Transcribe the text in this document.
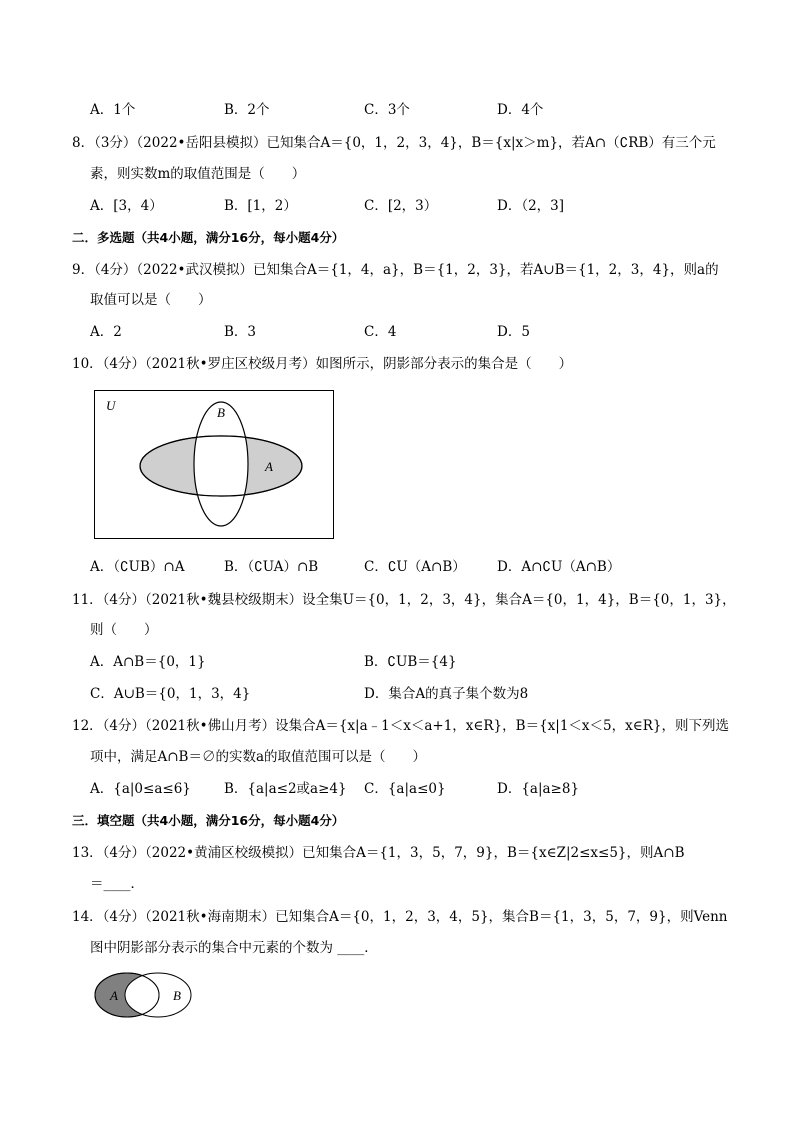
A．1个	B．2个	C．3个	D．4个
8．（3分）（2022•岳阳县模拟）已知集合A＝{0，1，2，3，4}，B＝{x|x＞m}，若A∩（∁RB）有三个元
素，则实数m的取值范围是（　　）
A．[3，4）	B．[1，2）	C．[2，3）	D．（2，3]
二．多选题（共4小题，满分16分，每小题4分）
9．（4分）（2022•武汉模拟）已知集合A＝{1，4，a}，B＝{1，2，3}，若A∪B＝{1，2，3，4}，则a的
取值可以是（　　）
A．2	B．3	C．4	D．5
10．（4分）（2021秋•罗庄区校级月考）如图所示，阴影部分表示的集合是（　　）
U	B
A
A．（∁UB）∩A	B．（∁UA）∩B	C．∁U（A∩B） D．A∩∁U（A∩B）
11．（4分）（2021秋•魏县校级期末）设全集U＝{0，1，2，3，4}，集合A＝{0，1，4}，B＝{0，1，3}，
则（　　）
A．A∩B＝{0，1}	B．∁UB＝{4}
C．A∪B＝{0，1，3，4}	D．集合A的真子集个数为8
12．（4分）（2021秋•佛山月考）设集合A＝{x|a﹣1＜x＜a+1，x∈R}，B＝{x|1＜x＜5，x∈R}，则下列选
项中，满足A∩B＝∅的实数a的取值范围可以是（　　）
A．{a|0≤a≤6} B．{a|a≤2或a≥4} C．{a|a≤0}	D．{a|a≥8}
三．填空题（共4小题，满分16分，每小题4分）
13．（4分）（2022•黄浦区校级模拟）已知集合A＝{1，3，5，7，9}，B＝{x∈Z|2≤x≤5}，则A∩B
＝____．
14．（4分）（2021秋•海南期末）已知集合A＝{0，1，2，3，4，5}，集合B＝{1，3，5，7，9}，则Venn
图中阴影部分表示的集合中元素的个数为 ____．
A	B
